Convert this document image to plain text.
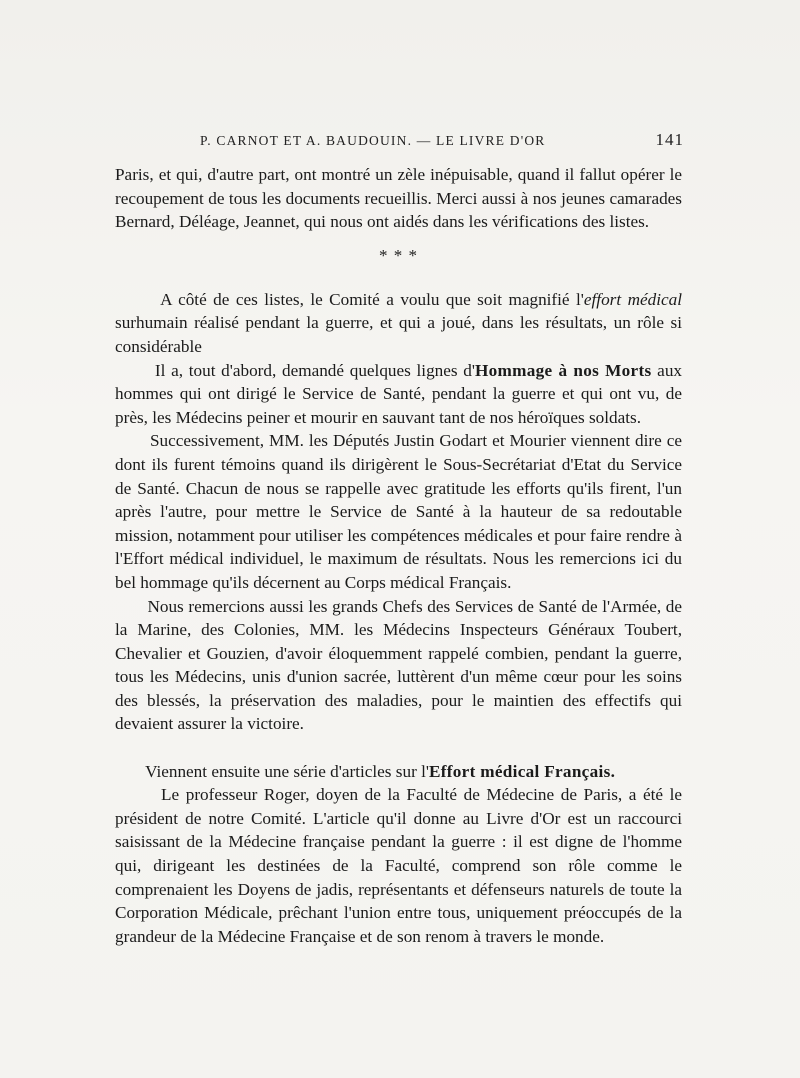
P. CARNOT ET A. BAUDOUIN. — LE LIVRE D'OR	141

Paris, et qui, d'autre part, ont montré un zèle inépuisable, quand il fallut opérer le recoupement de tous les documents recueillis. Merci aussi à nos jeunes camarades Bernard, Déléage, Jeannet, qui nous ont aidés dans les vérifications des listes.

* * *

A côté de ces listes, le Comité a voulu que soit magnifié l'effort médical surhumain réalisé pendant la guerre, et qui a joué, dans les résultats, un rôle si considérable

Il a, tout d'abord, demandé quelques lignes d'Hommage à nos Morts aux hommes qui ont dirigé le Service de Santé, pendant la guerre et qui ont vu, de près, les Médecins peiner et mourir en sauvant tant de nos héroïques soldats.

Successivement, MM. les Députés Justin Godart et Mourier viennent dire ce dont ils furent témoins quand ils dirigèrent le Sous-Secrétariat d'Etat du Service de Santé. Chacun de nous se rappelle avec gratitude les efforts qu'ils firent, l'un après l'autre, pour mettre le Service de Santé à la hauteur de sa redoutable mission, notamment pour utiliser les compétences médicales et pour faire rendre à l'Effort médical individuel, le maximum de résultats. Nous les remercions ici du bel hommage qu'ils décernent au Corps médical Français.

Nous remercions aussi les grands Chefs des Services de Santé de l'Armée, de la Marine, des Colonies, MM. les Médecins Inspecteurs Généraux Toubert, Chevalier et Gouzien, d'avoir éloquemment rappelé combien, pendant la guerre, tous les Médecins, unis d'union sacrée, luttèrent d'un même cœur pour les soins des blessés, la préservation des maladies, pour le maintien des effectifs qui devaient assurer la victoire.

Viennent ensuite une série d'articles sur l'Effort médical Français.

Le professeur Roger, doyen de la Faculté de Médecine de Paris, a été le président de notre Comité. L'article qu'il donne au Livre d'Or est un raccourci saisissant de la Médecine française pendant la guerre : il est digne de l'homme qui, dirigeant les destinées de la Faculté, comprend son rôle comme le comprenaient les Doyens de jadis, représentants et défenseurs naturels de toute la Corporation Médicale, prêchant l'union entre tous, uniquement préoccupés de la grandeur de la Médecine Française et de son renom à travers le monde.
